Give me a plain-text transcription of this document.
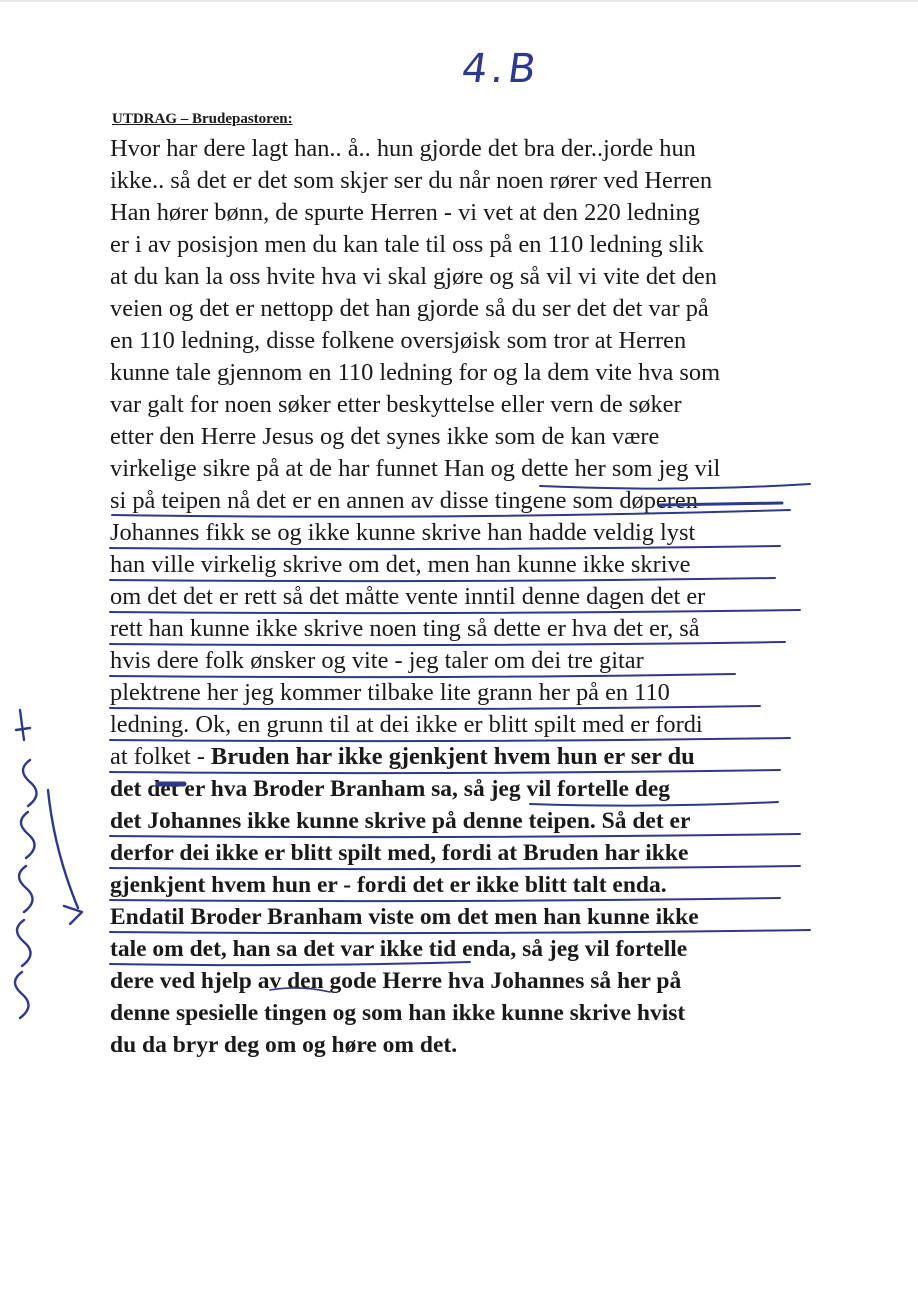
4.B
UTDRAG – Brudepastoren:
Hvor har dere lagt han.. å.. hun gjorde det bra der..jorde hun
ikke.. så det er det som skjer ser du når noen rører ved Herren
Han hører bønn, de spurte Herren - vi vet at den 220 ledning
er i av posisjon men du kan tale til oss på en 110 ledning slik
at du kan la oss hvite hva vi skal gjøre og så vil vi vite det den
veien og det er nettopp det han gjorde så du ser det det var på
en 110 ledning, disse folkene oversjøisk som tror at Herren
kunne tale gjennom en 110 ledning for og la dem vite hva som
var galt for noen søker etter beskyttelse eller vern de søker
etter den Herre Jesus og det synes ikke som de kan være
virkelige sikre på at de har funnet Han og dette her som jeg vil
si på teipen nå det er en annen av disse tingene som døperen
Johannes fikk se og ikke kunne skrive han hadde veldig lyst
han ville virkelig skrive om det, men han kunne ikke skrive
om det det er rett så det måtte vente inntil denne dagen det er
rett han kunne ikke skrive noen ting så dette er hva det er, så
hvis dere folk ønsker og vite - jeg taler om dei tre gitar
plektrene her jeg kommer tilbake lite grann her på en 110
ledning. Ok, en grunn til at dei ikke er blitt spilt med er fordi
at folket - Bruden har ikke gjenkjent hvem hun er ser du
det det er hva Broder Branham sa, så jeg vil fortelle deg
det Johannes ikke kunne skrive på denne teipen. Så det er
derfor dei ikke er blitt spilt med, fordi at Bruden har ikke
gjenkjent hvem hun er - fordi det er ikke blitt talt enda.
Endatil Broder Branham viste om det men han kunne ikke
tale om det, han sa det var ikke tid enda, så jeg vil fortelle
dere ved hjelp av den gode Herre hva Johannes så her på
denne spesielle tingen og som han ikke kunne skrive hvist
du da bryr deg om og høre om det.
